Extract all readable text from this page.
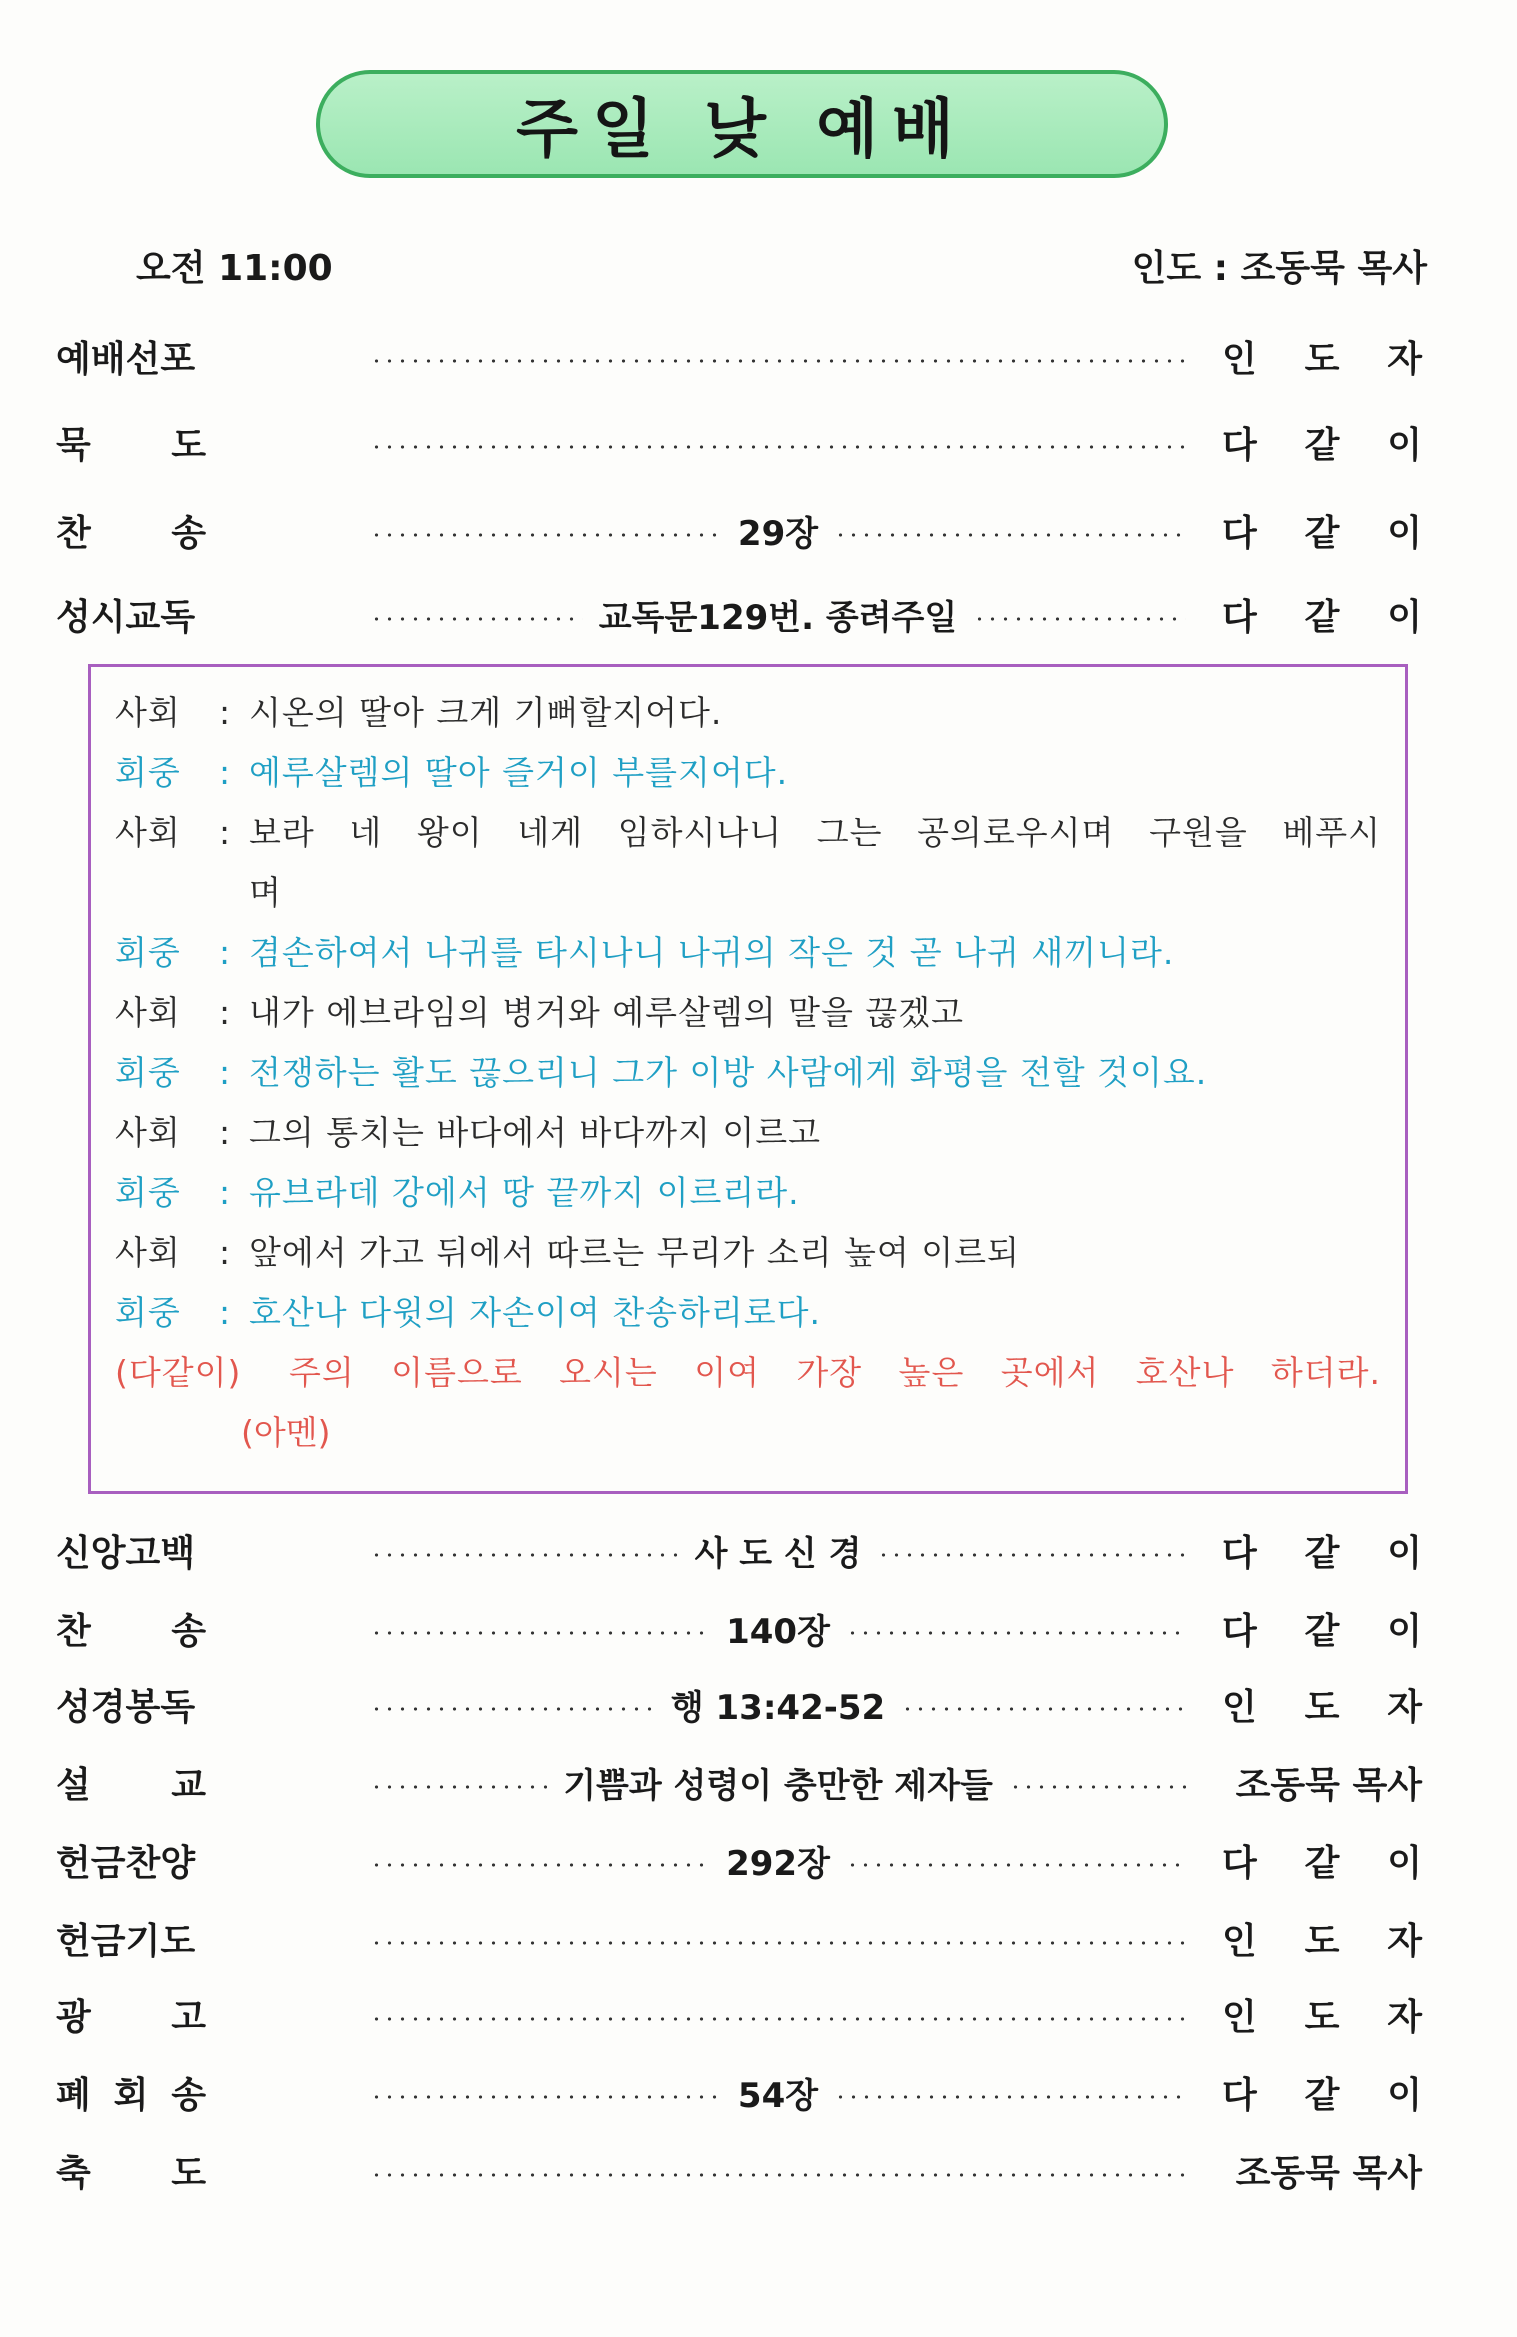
주일 낮 예배
오전 11:00	인도 : 조동묵 목사
예배선포	인 도 자
묵 도	다 같 이
찬 송	29장	다 같 이
성시교독	교독문129번. 종려주일	다 같 이
사회	: 시온의 딸아 크게 기뻐할지어다.
회중	: 예루살렘의 딸아 즐거이 부를지어다.
사회	: 보라 네 왕이 네게 임하시나니 그는 공의로우시며 구원을 베푸시
며
회중	: 겸손하여서 나귀를 타시나니 나귀의 작은 것 곧 나귀 새끼니라.
사회	: 내가 에브라임의 병거와 예루살렘의 말을 끊겠고
회중	: 전쟁하는 활도 끊으리니 그가 이방 사람에게 화평을 전할 것이요.
사회	: 그의 통치는 바다에서 바다까지 이르고
회중	: 유브라데 강에서 땅 끝까지 이르리라.
사회	: 앞에서 가고 뒤에서 따르는 무리가 소리 높여 이르되
회중	: 호산나 다윗의 자손이여 찬송하리로다.
(다같이)	주의 이름으로 오시는 이여 가장 높은 곳에서 호산나 하더라.
(아멘)
신앙고백	사 도 신 경	다 같 이
찬 송	140장	다 같 이
성경봉독	행 13:42-52	인 도 자
설 교	기쁨과 성령이 충만한 제자들	조동묵 목사
헌금찬양	292장	다 같 이
헌금기도	인 도 자
광 고	인 도 자
폐 회 송	54장	다 같 이
축 도	조동묵 목사
